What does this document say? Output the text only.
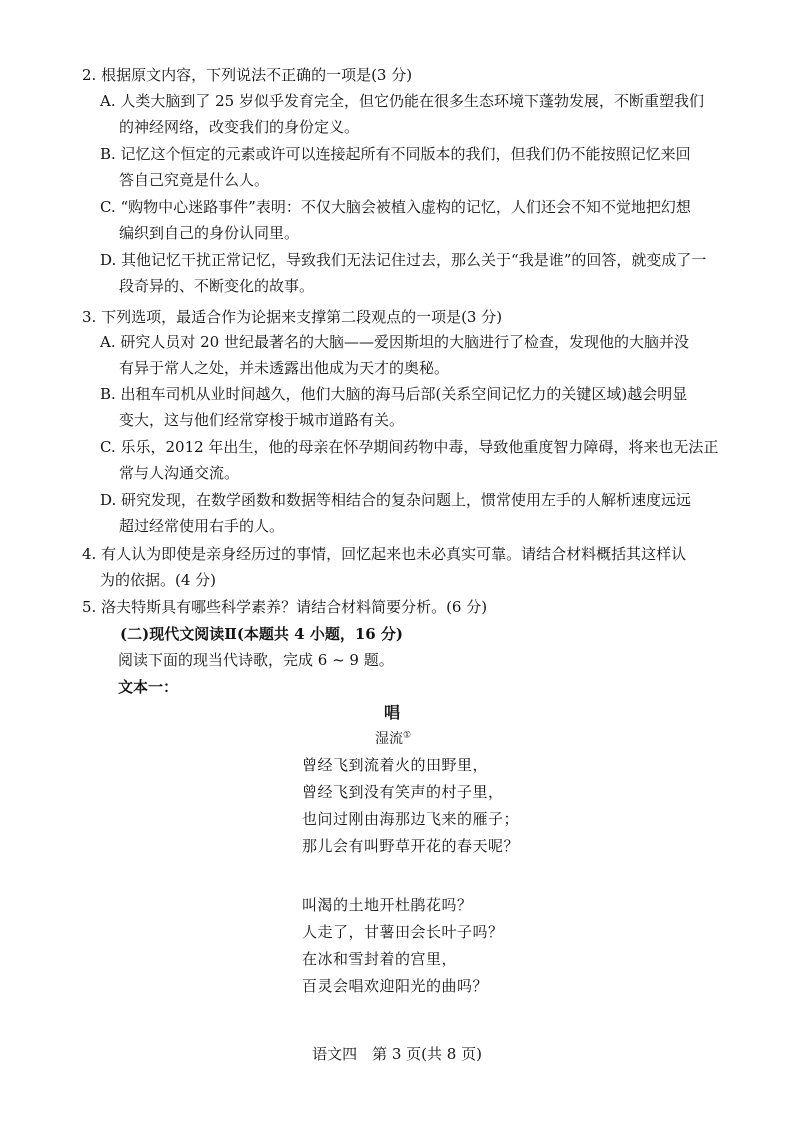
2. 根据原文内容，下列说法不正确的一项是(3 分)
A. 人类大脑到了 25 岁似乎发育完全，但它仍能在很多生态环境下蓬勃发展，不断重塑我们
的神经网络，改变我们的身份定义。
B. 记忆这个恒定的元素或许可以连接起所有不同版本的我们，但我们仍不能按照记忆来回
答自己究竟是什么人。
C. “购物中心迷路事件”表明：不仅大脑会被植入虚构的记忆，人们还会不知不觉地把幻想
编织到自己的身份认同里。
D. 其他记忆干扰正常记忆，导致我们无法记住过去，那么关于“我是谁”的回答，就变成了一
段奇异的、不断变化的故事。
3. 下列选项，最适合作为论据来支撑第二段观点的一项是(3 分)
A. 研究人员对 20 世纪最著名的大脑——爱因斯坦的大脑进行了检查，发现他的大脑并没
有异于常人之处，并未透露出他成为天才的奥秘。
B. 出租车司机从业时间越久，他们大脑的海马后部(关系空间记忆力的关键区域)越会明显
变大，这与他们经常穿梭于城市道路有关。
C. 乐乐，2012 年出生，他的母亲在怀孕期间药物中毒，导致他重度智力障碍，将来也无法正
常与人沟通交流。
D. 研究发现，在数学函数和数据等相结合的复杂问题上，惯常使用左手的人解析速度远远
超过经常使用右手的人。
4. 有人认为即使是亲身经历过的事情，回忆起来也未必真实可靠。请结合材料概括其这样认
为的依据。(4 分)
5. 洛夫特斯具有哪些科学素养？请结合材料简要分析。(6 分)
(二)现代文阅读Ⅱ(本题共 4 小题，16 分)
阅读下面的现当代诗歌，完成 6 ~ 9 题。
文本一：
唱
湿流①
曾经飞到流着火的田野里，
曾经飞到没有笑声的村子里，
也问过刚由海那边飞来的雁子；
那儿会有叫野草开花的春天呢？
叫渴的土地开杜鹃花吗？
人走了，甘薯田会长叶子吗？
在冰和雪封着的宫里，
百灵会唱欢迎阳光的曲吗？
语文四　第 3 页(共 8 页)
